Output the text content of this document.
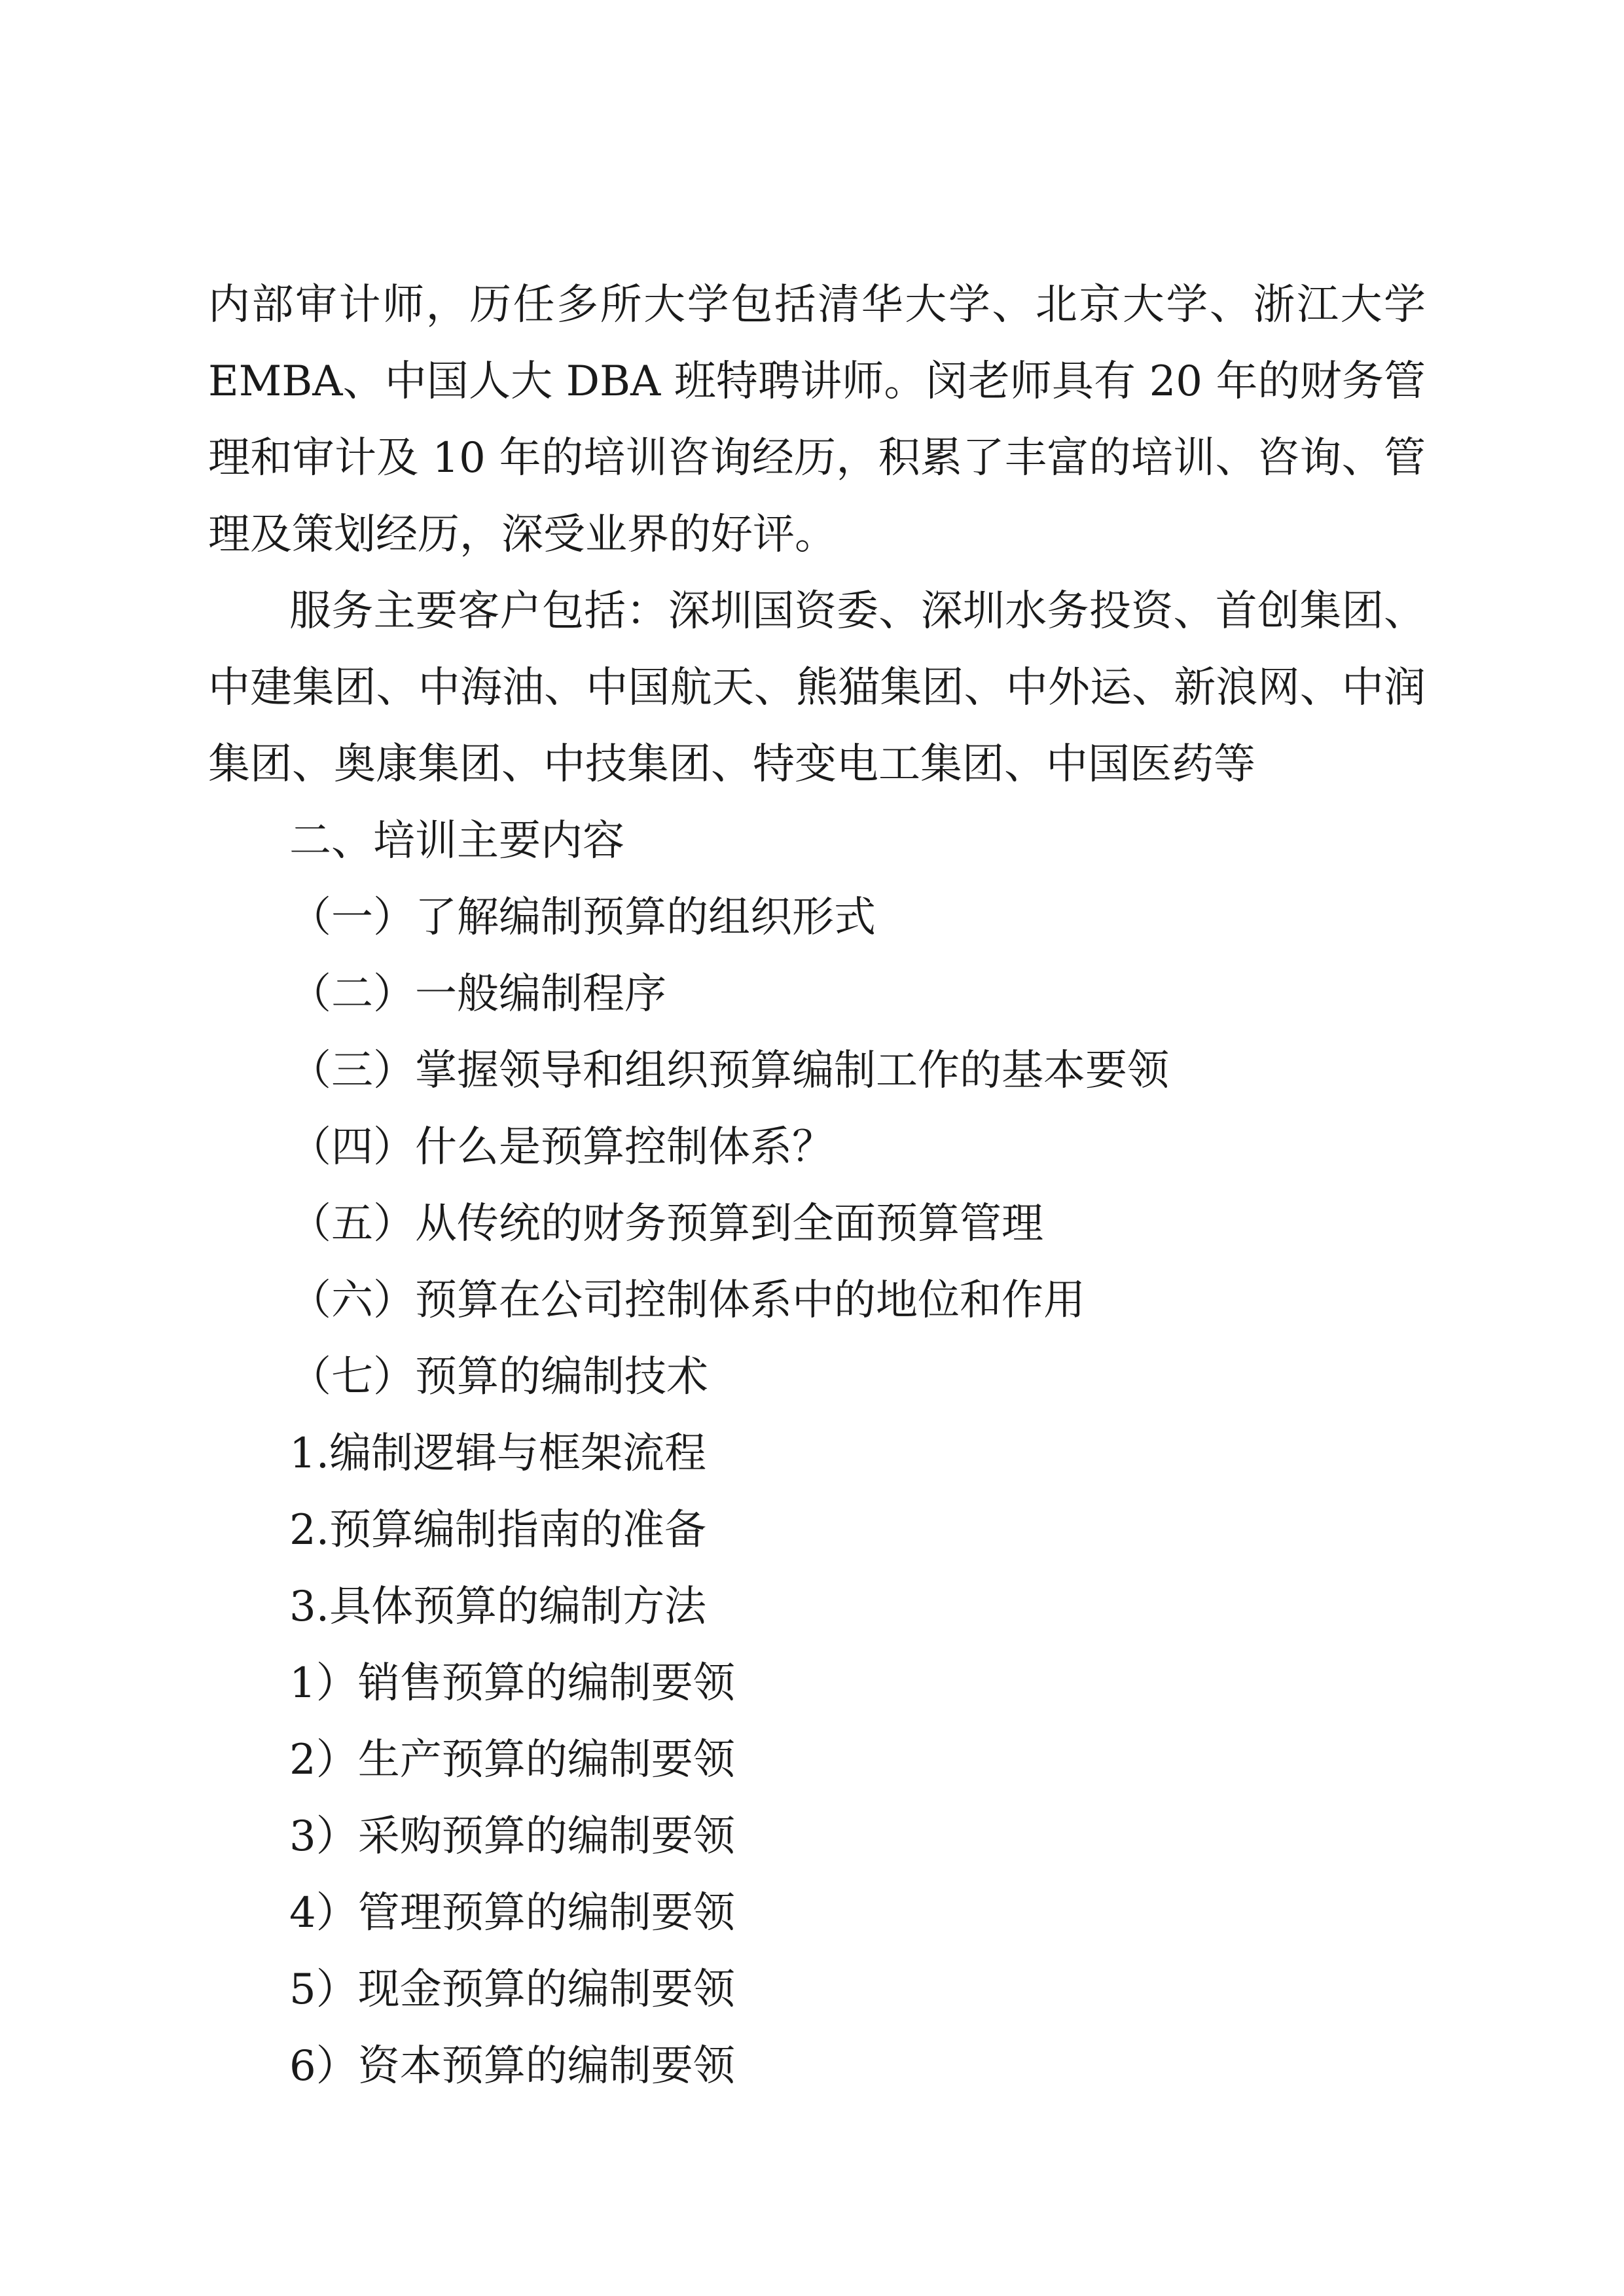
内部审计师，历任多所大学包括清华大学、北京大学、浙江大学EMBA、中国人大 DBA 班特聘讲师。闵老师具有 20 年的财务管理和审计及 10 年的培训咨询经历，积累了丰富的培训、咨询、管理及策划经历，深受业界的好评。

服务主要客户包括：深圳国资委、深圳水务投资、首创集团、中建集团、中海油、中国航天、熊猫集团、中外运、新浪网、中润集团、奥康集团、中技集团、特变电工集团、中国医药等

二、培训主要内容

（一）了解编制预算的组织形式

（二）一般编制程序

（三）掌握领导和组织预算编制工作的基本要领

（四）什么是预算控制体系？

（五）从传统的财务预算到全面预算管理

（六）预算在公司控制体系中的地位和作用

（七）预算的编制技术

1.编制逻辑与框架流程

2.预算编制指南的准备

3.具体预算的编制方法

1）销售预算的编制要领

2）生产预算的编制要领

3）采购预算的编制要领

4）管理预算的编制要领

5）现金预算的编制要领

6）资本预算的编制要领
